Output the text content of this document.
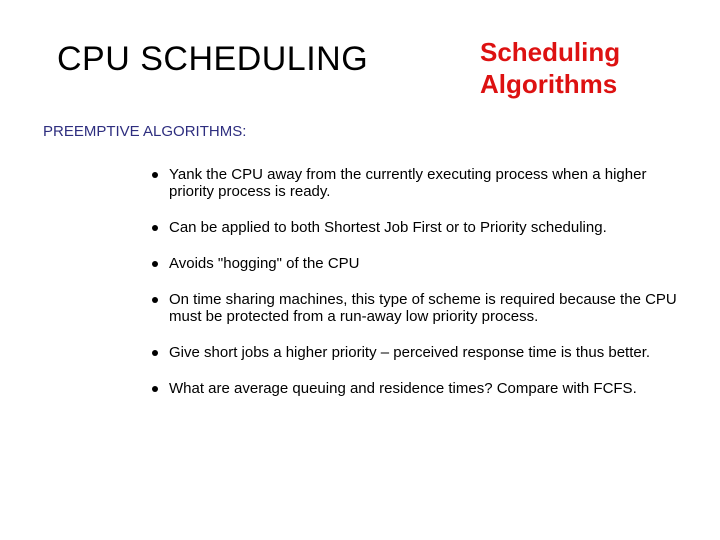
CPU SCHEDULING	Scheduling
Algorithms
PREEMPTIVE ALGORITHMS:
Yank the CPU away from the currently executing process when a higher priority process is ready.
Can be applied to both Shortest Job First or to Priority scheduling.
Avoids "hogging" of the CPU
On time sharing machines, this type of scheme is required because the CPU must be protected from a run-away low priority process.
Give short jobs a higher priority – perceived response time is thus better.
What are average queuing and residence times? Compare with FCFS.
